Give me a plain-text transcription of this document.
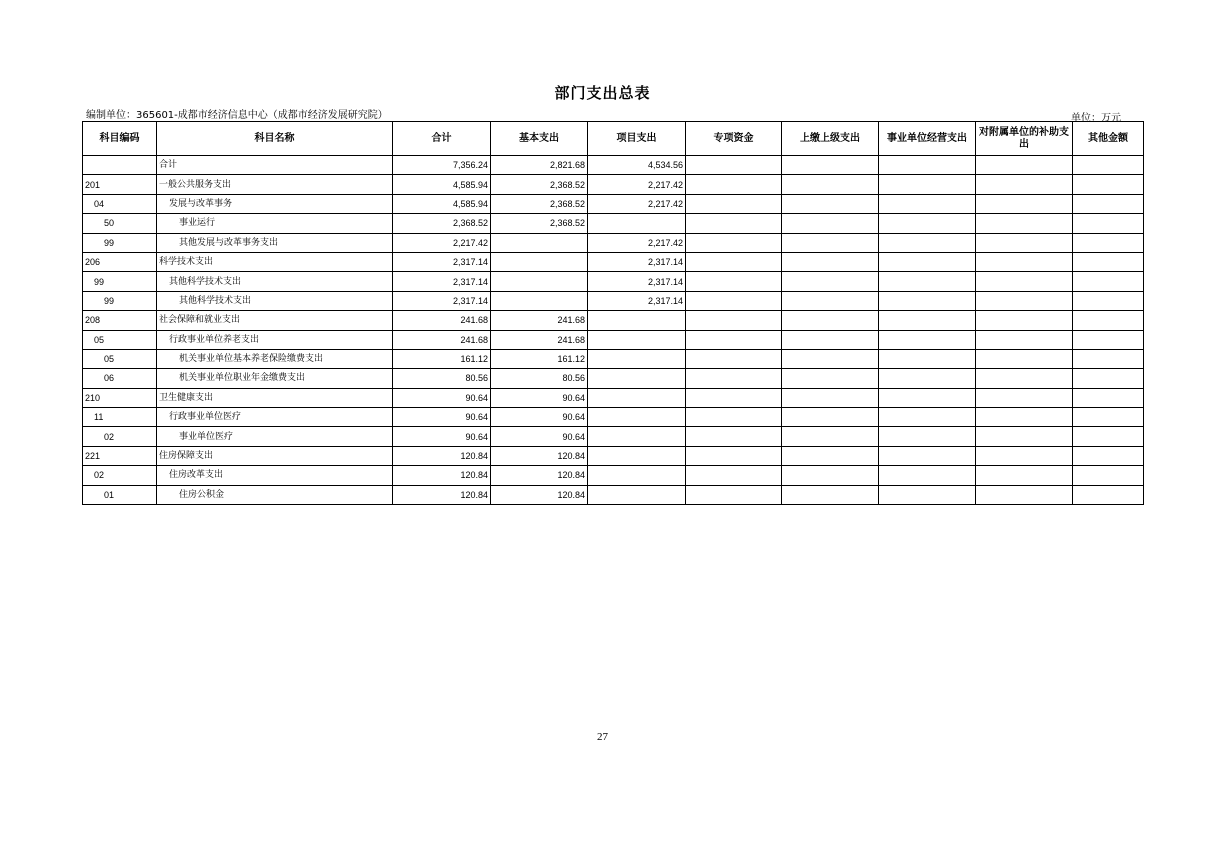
部门支出总表
编制单位：365601-成都市经济信息中心（成都市经济发展研究院）	单位：万元
科目编码	科目名称	合计	基本支出	项目支出	专项资金	上缴上级支出	事业单位经营支出	对附属单位的补助支出	其他金额
	合计	7,356.24	2,821.68	4,534.56					
201	一般公共服务支出	4,585.94	2,368.52	2,217.42					
04	发展与改革事务	4,585.94	2,368.52	2,217.42					
50	事业运行	2,368.52	2,368.52						
99	其他发展与改革事务支出	2,217.42		2,217.42					
206	科学技术支出	2,317.14		2,317.14					
99	其他科学技术支出	2,317.14		2,317.14					
99	其他科学技术支出	2,317.14		2,317.14					
208	社会保障和就业支出	241.68	241.68						
05	行政事业单位养老支出	241.68	241.68						
05	机关事业单位基本养老保险缴费支出	161.12	161.12						
06	机关事业单位职业年金缴费支出	80.56	80.56						
210	卫生健康支出	90.64	90.64						
11	行政事业单位医疗	90.64	90.64						
02	事业单位医疗	90.64	90.64						
221	住房保障支出	120.84	120.84						
02	住房改革支出	120.84	120.84						
01	住房公积金	120.84	120.84						
27
